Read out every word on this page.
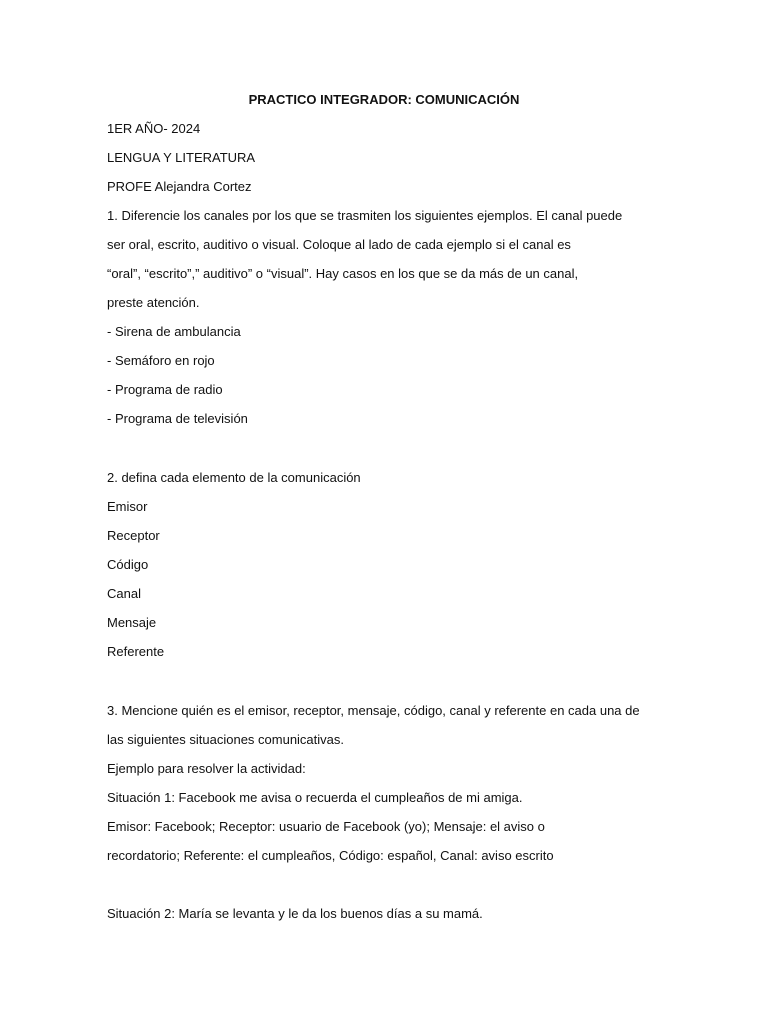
PRACTICO INTEGRADOR: COMUNICACIÓN
1ER AÑO- 2024
LENGUA Y LITERATURA
PROFE Alejandra Cortez
1. Diferencie los canales por los que se trasmiten los siguientes ejemplos. El canal puede
ser oral, escrito, auditivo o visual. Coloque al lado de cada ejemplo si el canal es
“oral”, “escrito”,” auditivo” o “visual”. Hay casos en los que se da más de un canal,
preste atención.
- Sirena de ambulancia
- Semáforo en rojo
- Programa de radio
- Programa de televisión
2. defina cada elemento de la comunicación
Emisor
Receptor
Código
Canal
Mensaje
Referente
3. Mencione quién es el emisor, receptor, mensaje, código, canal y referente en cada una de
las siguientes situaciones comunicativas.
Ejemplo para resolver la actividad:
Situación 1: Facebook me avisa o recuerda el cumpleaños de mi amiga.
Emisor: Facebook; Receptor: usuario de Facebook (yo); Mensaje: el aviso o
recordatorio; Referente: el cumpleaños, Código: español, Canal: aviso escrito
Situación 2: María se levanta y le da los buenos días a su mamá.
